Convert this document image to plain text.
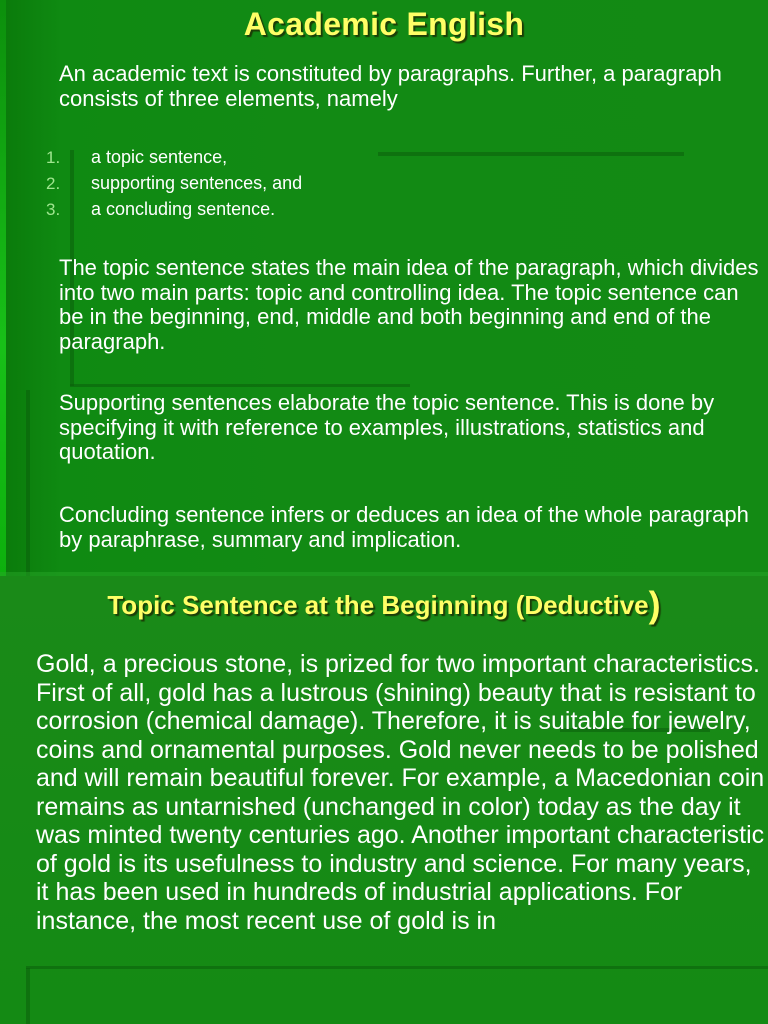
Academic English
An academic text is constituted by paragraphs. Further, a paragraph consists of three elements, namely
1. a topic sentence,
2. supporting sentences, and
3. a concluding sentence.
The topic sentence states the main idea of the paragraph, which divides into two main parts: topic and controlling idea. The topic sentence can be in the beginning, end, middle and both beginning and end of the paragraph.
Supporting sentences elaborate the topic sentence. This is done by specifying it with reference to examples, illustrations, statistics and quotation.
Concluding sentence infers or deduces an idea of the whole paragraph by paraphrase, summary and implication.
Topic Sentence at the Beginning (Deductive)
Gold, a precious stone, is prized for two important characteristics. First of all, gold has a lustrous (shining) beauty that is resistant to corrosion (chemical damage). Therefore, it is suitable for jewelry, coins and ornamental purposes. Gold never needs to be polished and will remain beautiful forever. For example, a Macedonian coin remains as untarnished (unchanged in color) today as the day it was minted twenty centuries ago. Another important characteristic of gold is its usefulness to industry and science. For many years, it has been used in hundreds of industrial applications. For instance, the most recent use of gold is in
